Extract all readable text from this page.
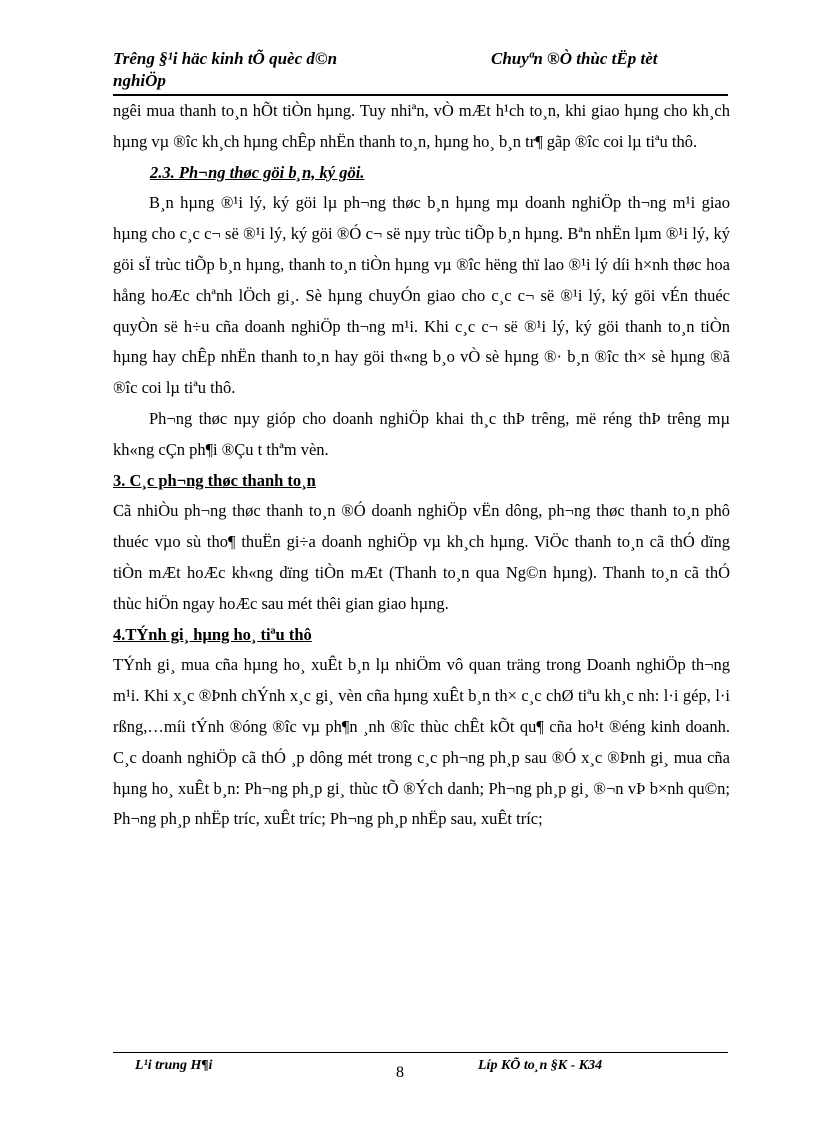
Trêng §¹i häc kinh tÕ quèc d©n
nghiÖp
Chuyªn ®Ò thùc tËp tèt

ngêi mua thanh to¸n hÕt tiÒn hµng. Tuy nhiªn, vÒ mÆt h¹ch to¸n, khi giao hµng cho kh¸ch hµng vµ ®îc kh¸ch hµng chÊp nhËn thanh to¸n, hµng ho¸ b¸n tr¶ gãp ®îc coi lµ tiªu thô.

2.3. Ph¬ng thøc göi b¸n, ký göi.

B¸n hµng ®¹i lý, ký göi lµ ph¬ng thøc b¸n hµng mµ doanh nghiÖp th¬ng m¹i giao hµng cho c¸c c¬ së ®¹i lý, ký göi ®Ó c¬ së nµy trùc tiÕp b¸n hµng. Bªn nhËn lµm ®¹i lý, ký göi sÏ trùc tiÕp b¸n hµng, thanh to¸n tiÒn hµng vµ ®îc hëng thï lao ®¹i lý díi h×nh thøc hoa hång hoÆc chªnh lÖch gi¸. Sè hµng chuyÓn giao cho c¸c c¬ së ®¹i lý, ký göi vÉn thuéc quyÒn së h÷u cña doanh nghiÖp th¬ng m¹i. Khi c¸c c¬ së ®¹i lý, ký göi thanh to¸n tiÒn hµng hay chÊp nhËn thanh to¸n hay göi th«ng b¸o vÒ sè hµng ®· b¸n ®îc th× sè hµng ®ã ®îc coi lµ tiªu thô.

Ph¬ng thøc nµy gióp cho doanh nghiÖp khai th¸c thÞ trêng, më réng thÞ trêng mµ kh«ng cÇn ph¶i ®Çu t thªm vèn.

3. C¸c ph¬ng thøc thanh to¸n

Cã nhiÒu ph¬ng thøc thanh to¸n ®Ó doanh nghiÖp vËn dông, ph¬ng thøc thanh to¸n phô thuéc vµo sù tho¶ thuËn gi÷a doanh nghiÖp vµ kh¸ch hµng. ViÖc thanh to¸n cã thÓ dïng tiÒn mÆt hoÆc kh«ng dïng tiÒn mÆt (Thanh to¸n qua Ng©n hµng). Thanh to¸n cã thÓ thùc hiÖn ngay hoÆc sau mét thêi gian giao hµng.

4.TÝnh gi¸ hµng ho¸ tiªu thô

TÝnh gi¸ mua cña hµng ho¸ xuÊt b¸n lµ nhiÖm vô quan träng trong Doanh nghiÖp th¬ng m¹i. Khi x¸c ®Þnh chÝnh x¸c gi¸ vèn cña hµng xuÊt b¸n th× c¸c chØ tiªu kh¸c nh: l·i gép, l·i rßng,…míi tÝnh ®óng ®îc vµ ph¶n ¸nh ®îc thùc chÊt kÕt qu¶ cña ho¹t ®éng kinh doanh. C¸c doanh nghiÖp cã thÓ ¸p dông mét trong c¸c ph¬ng ph¸p sau ®Ó x¸c ®Þnh gi¸ mua cña hµng ho¸ xuÊt b¸n: Ph¬ng ph¸p gi¸ thùc tÕ ®Ých danh; Ph¬ng ph¸p gi¸ ®¬n vÞ b×nh qu©n; Ph¬ng ph¸p nhËp tríc, xuÊt tríc; Ph¬ng ph¸p nhËp sau, xuÊt tríc;

L¹i trung H¶i	8	Líp KÕ to¸n §K - K34
